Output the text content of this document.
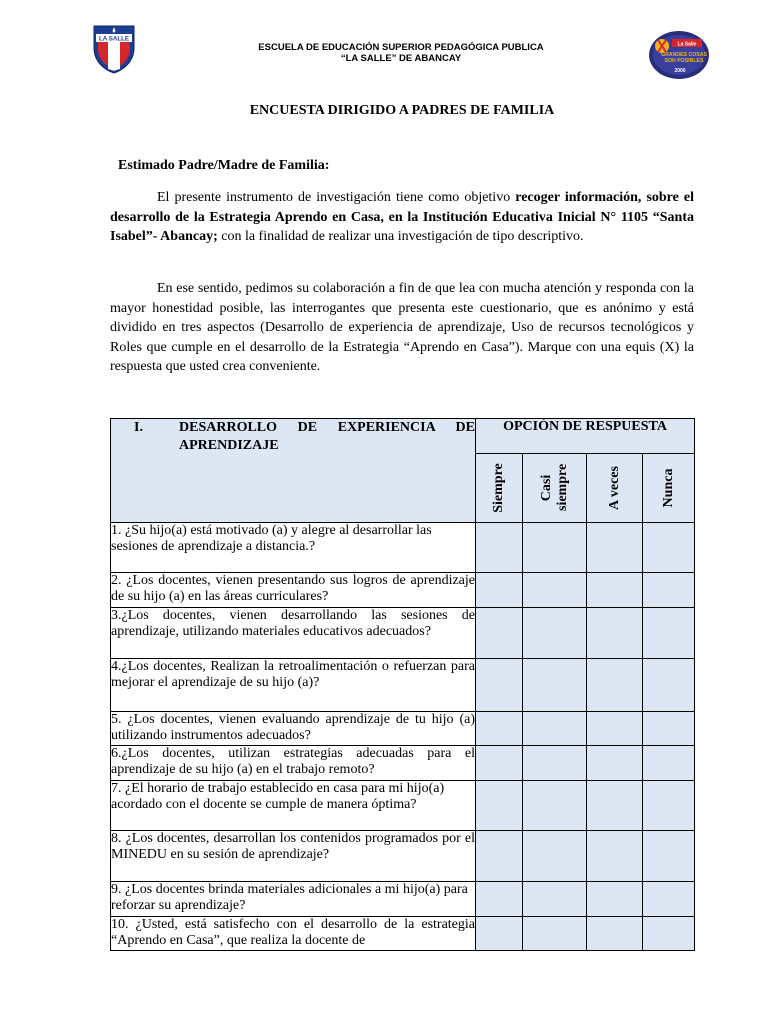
LA SALLE
ESCUELA DE EDUCACIÓN SUPERIOR PEDAGÓGICA PUBLICA
“LA SALLE” DE ABANCAY
La Salle
GRANDES COSAS
SON POSIBLES
2000
ENCUESTA DIRIGIDO A PADRES DE FAMILIA
Estimado Padre/Madre de Familia:

El presente instrumento de investigación tiene como objetivo recoger información, sobre el desarrollo de la Estrategia Aprendo en Casa, en la Institución Educativa Inicial N° 1105 “Santa Isabel”- Abancay; con la finalidad de realizar una investigación de tipo descriptivo.

En ese sentido, pedimos su colaboración a fin de que lea con mucha atención y responda con la mayor honestidad posible, las interrogantes que presenta este cuestionario, que es anónimo y está dividido en tres aspectos (Desarrollo de experiencia de aprendizaje, Uso de recursos tecnológicos y Roles que cumple en el desarrollo de la Estrategia “Aprendo en Casa”). Marque con una equis (X) la respuesta que usted crea conveniente.

I. DESARROLLO DE EXPERIENCIA DE APRENDIZAJE	OPCIÒN DE RESPUESTA			

	Siempre	Casi siempre	A veces	Nunca

1. ¿Su hijo(a) está motivado (a) y alegre al desarrollar las sesiones de aprendizaje a distancia.?				
2. ¿Los docentes, vienen presentando sus logros de aprendizaje de su hijo (a) en las áreas curriculares?				
3.¿Los docentes, vienen desarrollando las sesiones de aprendizaje, utilizando materiales educativos adecuados?				
4.¿Los docentes, Realizan la retroalimentación o refuerzan para mejorar el aprendizaje de su hijo (a)?				
5. ¿Los docentes, vienen evaluando aprendizaje de tu hijo (a) utilizando instrumentos adecuados?				
6.¿Los docentes, utilizan estrategias adecuadas para el aprendizaje de su hijo (a) en el trabajo remoto?				
7. ¿El horario de trabajo establecido en casa para mi hijo(a) acordado con el docente se cumple de manera óptima?				
8. ¿Los docentes, desarrollan los contenidos programados por el MINEDU en su sesión de aprendizaje?				
9. ¿Los docentes brinda materiales adicionales a mi hijo(a) para reforzar su aprendizaje?				
10. ¿Usted, está satisfecho con el desarrollo de la estrategia “Aprendo en Casa”, que realiza la docente de				
